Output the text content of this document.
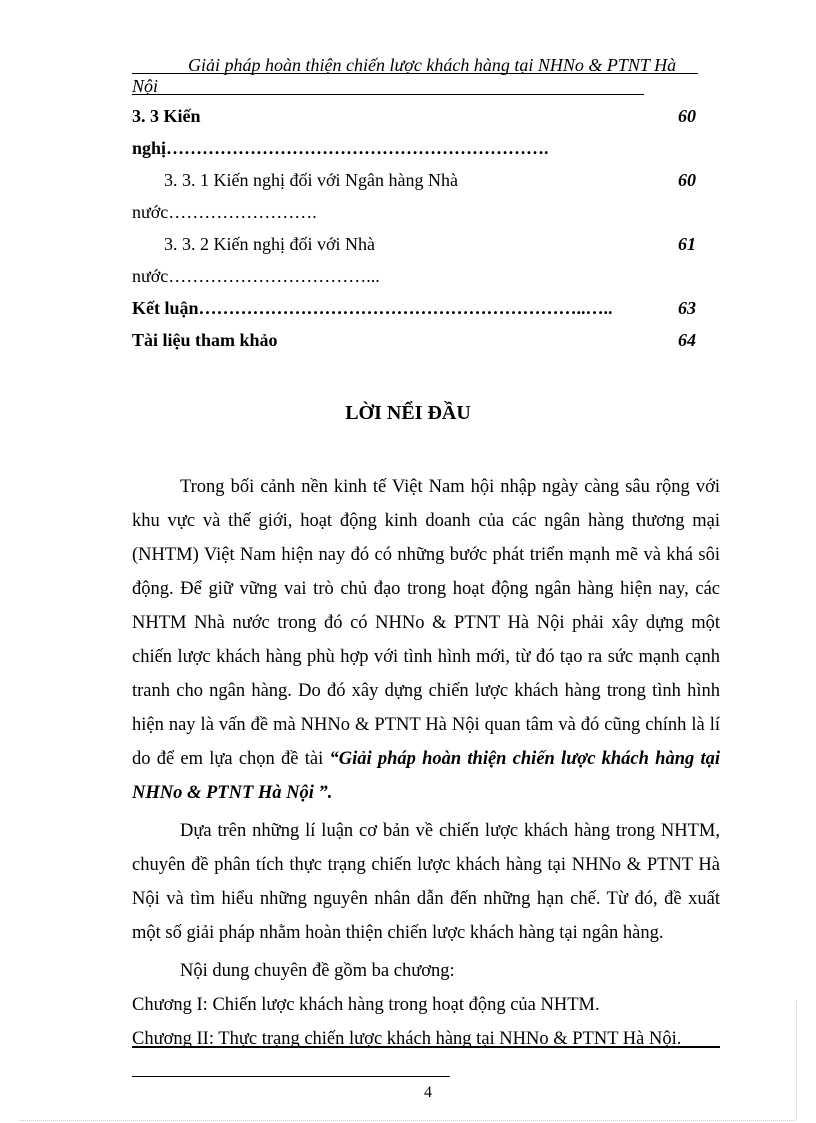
Giải pháp hoàn thiện chiến lược khách hàng tại NHNo & PTNT Hà
Nội
3. 3 Kiến	60
nghị……………………………………………………….
3. 3. 1 Kiến nghị đối với Ngân hàng Nhà	60
nước…………………….
3. 3. 2 Kiến nghị đối với Nhà	61
nước……………………………...
Kết luận………………………………………………………..…..	63
Tài liệu tham khảo	64
LỜI NỂI ĐẦU

Trong bối cảnh nền kinh tế Việt Nam hội nhập ngày càng sâu rộng với khu vực và thế giới, hoạt động kinh doanh của các ngân hàng thương mại (NHTM) Việt Nam hiện nay đó có những bước phát triển mạnh mẽ và khá sôi động. Để giữ vững vai trò chủ đạo trong hoạt động ngân hàng hiện nay, các NHTM Nhà nước trong đó có NHNo & PTNT Hà Nội phải xây dựng một chiến lược khách hàng phù hợp với tình hình mới, từ đó tạo ra sức mạnh cạnh tranh cho ngân hàng. Do đó xây dựng chiến lược khách hàng trong tình hình hiện nay là vấn đề mà NHNo & PTNT Hà Nội quan tâm và đó cũng chính là lí do để em lựa chọn đề tài “Giải pháp hoàn thiện chiến lược khách hàng tại NHNo & PTNT Hà Nội ”.

Dựa trên những lí luận cơ bản về chiến lược khách hàng trong NHTM, chuyên đề phân tích thực trạng chiến lược khách hàng tại NHNo & PTNT Hà Nội và tìm hiểu những nguyên nhân dẫn đến những hạn chế. Từ đó, đề xuất một số giải pháp nhằm hoàn thiện chiến lược khách hàng tại ngân hàng.

Nội dung chuyên đề gồm ba chương:

Chương I: Chiến lược khách hàng trong hoạt động của NHTM.

Chương II: Thực trạng chiến lược khách hàng tại NHNo & PTNT Hà Nội.

4
